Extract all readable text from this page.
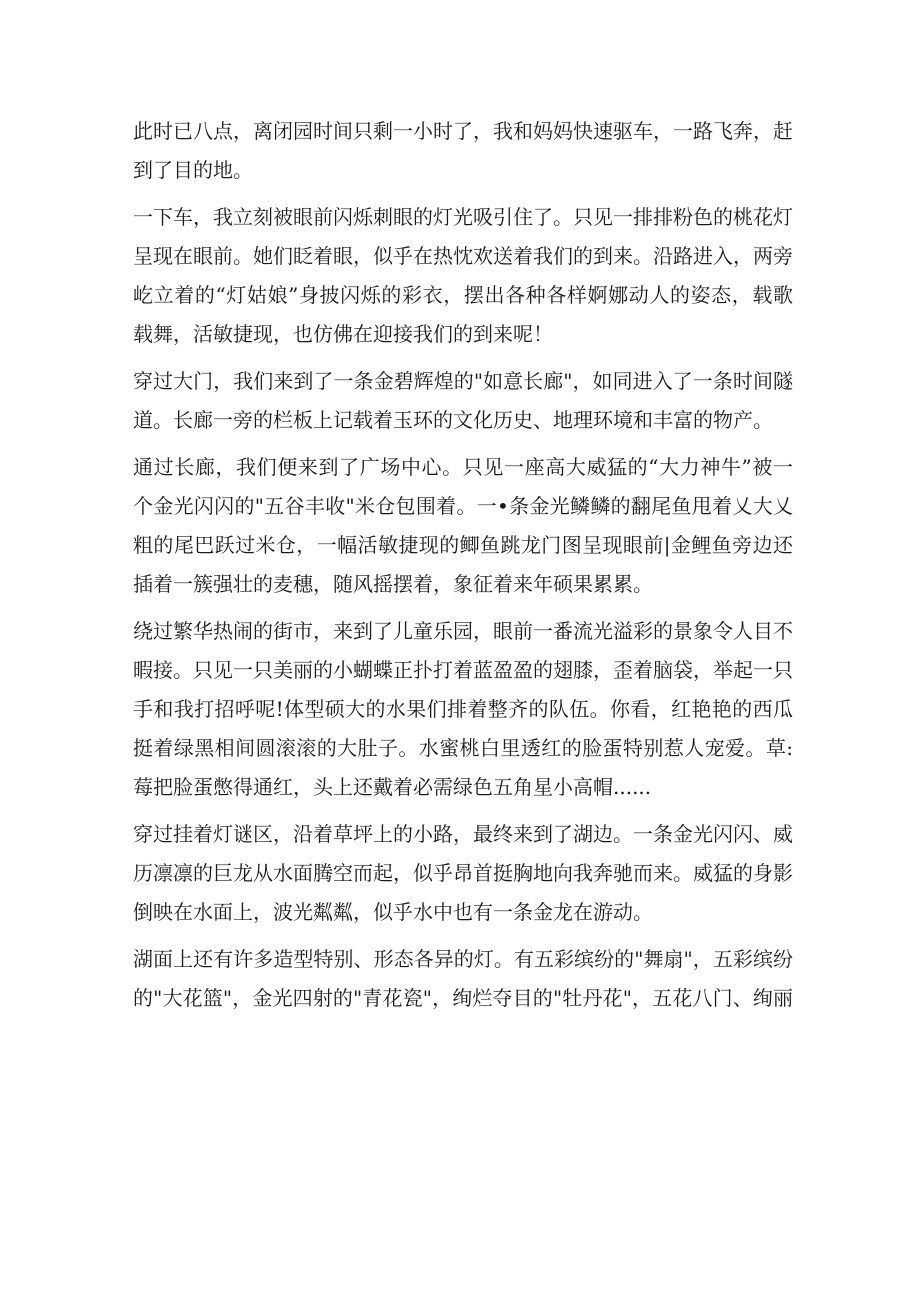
此时已八点，离闭园时间只剩一小时了，我和妈妈快速驱车，一路飞奔，赶
到了目的地。
一下车，我立刻被眼前闪烁刺眼的灯光吸引住了。只见一排排粉色的桃花灯
呈现在眼前。她们眨着眼，似乎在热忱欢送着我们的到来。沿路进入，两旁
屹立着的“灯姑娘”身披闪烁的彩衣，摆出各种各样婀娜动人的姿态，载歌
载舞，活敏捷现，也仿佛在迎接我们的到来呢！
穿过大门，我们来到了一条金碧辉煌的"如意长廊"，如同进入了一条时间隧
道。长廊一旁的栏板上记载着玉环的文化历史、地理环境和丰富的物产。
通过长廊，我们便来到了广场中心。只见一座高大威猛的“大力神牛”被一
个金光闪闪的"五谷丰收"米仓包围着。一•条金光鳞鳞的翻尾鱼甩着乂大乂
粗的尾巴跃过米仓，一幅活敏捷现的鲫鱼跳龙门图呈现眼前|金鲤鱼旁边还
插着一簇强壮的麦穗，随风摇摆着，象征着来年硕果累累。
绕过繁华热闹的街市，来到了儿童乐园，眼前一番流光溢彩的景象令人目不
暇接。只见一只美丽的小蝴蝶正扑打着蓝盈盈的翅膝，歪着脑袋，举起一只
手和我打招呼呢!体型硕大的水果们排着整齐的队伍。你看，红艳艳的西瓜
挺着绿黑相间圆滚滚的大肚子。水蜜桃白里透红的脸蛋特别惹人宠爱。草:
莓把脸蛋憋得通红，头上还戴着必需绿色五角星小高帽......
穿过挂着灯谜区，沿着草坪上的小路，最终来到了湖边。一条金光闪闪、威
历凛凛的巨龙从水面腾空而起，似乎昂首挺胸地向我奔驰而来。威猛的身影
倒映在水面上，波光粼粼，似乎水中也有一条金龙在游动。
湖面上还有许多造型特别、形态各异的灯。有五彩缤纷的"舞扇"，五彩缤纷
的"大花篮"，金光四射的"青花瓷"，绚烂夺目的"牡丹花"，五花八门、绚丽
